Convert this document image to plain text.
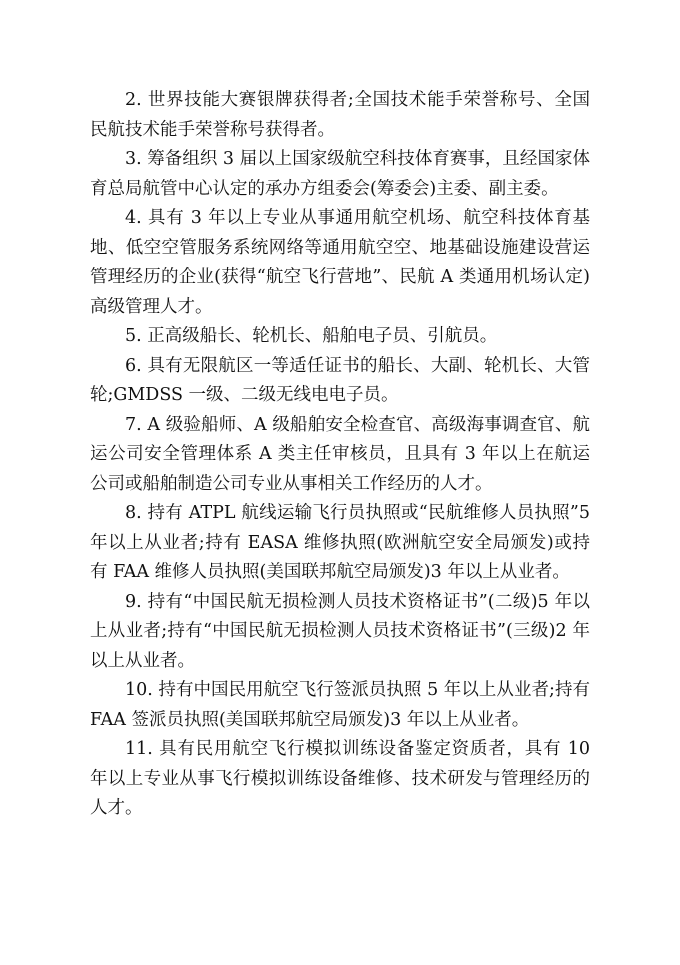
2. 世界技能大赛银牌获得者;全国技术能手荣誉称号、全国民航技术能手荣誉称号获得者。

3. 筹备组织 3 届以上国家级航空科技体育赛事，且经国家体育总局航管中心认定的承办方组委会(筹委会)主委、副主委。

4. 具有 3 年以上专业从事通用航空机场、航空科技体育基地、低空空管服务系统网络等通用航空空、地基础设施建设营运管理经历的企业(获得“航空飞行营地”、民航 A 类通用机场认定)高级管理人才。

5. 正高级船长、轮机长、船舶电子员、引航员。

6. 具有无限航区一等适任证书的船长、大副、轮机长、大管轮;GMDSS 一级、二级无线电电子员。

7. A 级验船师、A 级船舶安全检查官、高级海事调查官、航运公司安全管理体系 A 类主任审核员，且具有 3 年以上在航运公司或船舶制造公司专业从事相关工作经历的人才。

8. 持有 ATPL 航线运输飞行员执照或“民航维修人员执照”5 年以上从业者;持有 EASA 维修执照(欧洲航空安全局颁发)或持有 FAA 维修人员执照(美国联邦航空局颁发)3 年以上从业者。

9. 持有“中国民航无损检测人员技术资格证书”(二级)5 年以上从业者;持有“中国民航无损检测人员技术资格证书”(三级)2 年以上从业者。

10. 持有中国民用航空飞行签派员执照 5 年以上从业者;持有 FAA 签派员执照(美国联邦航空局颁发)3 年以上从业者。

11. 具有民用航空飞行模拟训练设备鉴定资质者，具有 10 年以上专业从事飞行模拟训练设备维修、技术研发与管理经历的人才。
